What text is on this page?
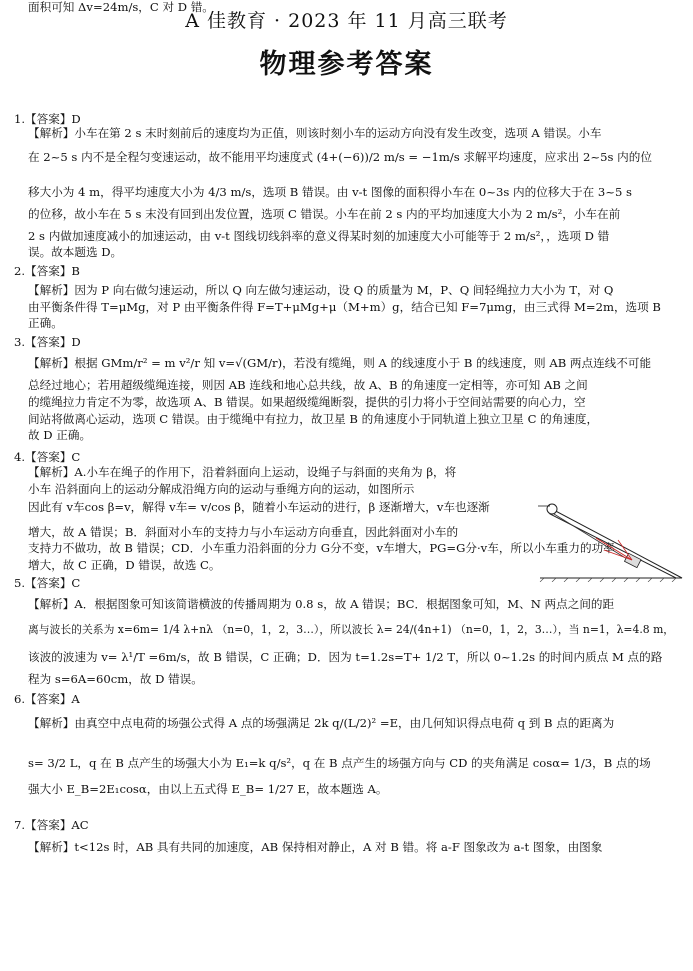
A 佳教育 · 2023 年 11 月高三联考
物理参考答案
1.【答案】D
【解析】小车在第 2 s 末时刻前后的速度均为正值，则该时刻小车的运动方向没有发生改变，选项 A 错误。小车
在 2~5 s 内不是全程匀变速运动，故不能用平均速度式 (4+(−6))/2 m/s = −1m/s 求解平均速度，应求出 2~5s 内的位
移大小为 4 m，得平均速度大小为 4/3 m/s，选项 B 错误。由 v-t 图像的面积得小车在 0~3s 内的位移大于在 3~5 s
的位移，故小车在 5 s 末没有回到出发位置，选项 C 错误。小车在前 2 s 内的平均加速度大小为 2 m/s²，小车在前
2 s 内做加速度减小的加速运动，由 v-t 图线切线斜率的意义得某时刻的加速度大小可能等于 2 m/s²，，选项 D 错
误。故本题选 D。
2.【答案】B
【解析】因为 P 向右做匀速运动，所以 Q 向左做匀速运动，设 Q 的质量为 M，P、Q 间轻绳拉力大小为 T，对 Q
由平衡条件得 T=μMg，对 P 由平衡条件得 F=T+μMg+μ（M+m）g，结合已知 F=7μmg，由三式得 M=2m，选项 B
正确。
3.【答案】D
【解析】根据 GMm/r² = m v²/r 知 v=√(GM/r)，若没有缆绳，则 A 的线速度小于 B 的线速度，则 AB 两点连线不可能
总经过地心；若用超级缆绳连接，则因 AB 连线和地心总共线，故 A、B 的角速度一定相等，亦可知 AB 之间
的缆绳拉力肯定不为零，故选项 A、B 错误。如果超级缆绳断裂，提供的引力将小于空间站需要的向心力，空
间站将做离心运动，选项 C 错误。由于缆绳中有拉力，故卫星 B 的角速度小于同轨道上独立卫星 C 的角速度，
故 D 正确。
4.【答案】C
【解析】A.小车在绳子的作用下，沿着斜面向上运动，设绳子与斜面的夹角为 β，将
小车 沿斜面向上的运动分解成沿绳方向的运动与垂绳方向的运动，如图所示
因此有 v车cos β=v，解得 v车= v/cos β，随着小车运动的进行，β 逐渐增大，v车也逐渐
增大，故 A 错误；B．斜面对小车的支持力与小车运动方向垂直，因此斜面对小车的
支持力不做功，故 B 错误；CD．小车重力沿斜面的分力 G分不变，v车增大，PG=G分·v车，所以小车重力的功率
增大，故 C 正确，D 错误，故选 C。
5.【答案】C
【解析】A．根据图象可知该简谐横波的传播周期为 0.8 s，故 A 错误；BC．根据图象可知，M、N 两点之间的距
离与波长的关系为 x=6m= 1/4 λ+nλ （n=0，1，2，3…），所以波长 λ= 24/(4n+1) （n=0，1，2，3…），当 n=1，λ=4.8 m，
该波的波速为 v= λ¹/T =6m/s，故 B 错误，C 正确；D．因为 t=1.2s=T+ 1/2 T，所以 0~1.2s 的时间内质点 M 点的路
程为 s=6A=60cm，故 D 错误。
6.【答案】A
【解析】由真空中点电荷的场强公式得 A 点的场强满足 2k q/(L/2)² =E，由几何知识得点电荷 q 到 B 点的距离为
s= 3/2 L，q 在 B 点产生的场强大小为 E₁=k q/s²，q 在 B 点产生的场强方向与 CD 的夹角满足 cosα= 1/3，B 点的场
强大小 E_B=2E₁cosα，由以上五式得 E_B= 1/27 E，故本题选 A。
7.【答案】AC
【解析】t<12s 时，AB 具有共同的加速度，AB 保持相对静止，A 对 B 错。将 a-F 图象改为 a-t 图象，由图象
面积可知 Δv=24m/s，C 对 D 错。
